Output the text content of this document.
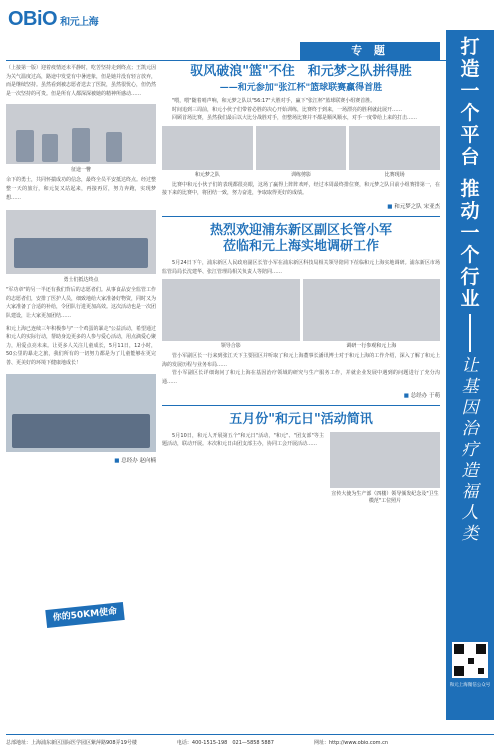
OBiO 和元上海
专 题

（上接第一版）迎着疫情还未平静时，吃苦坚持走到终点；王凯元因为关气温度过高，路途中发觉有中暑迹象，但是她并没有轻言放弃，而是继续坚持。虽然看到被志愿者送去了医院，虽然很忧心，但仍然是一次坚持的可贵。但是所有人都深深被她的精神所感动……

征途一瞥

余下的勇士，共同怀揣成功的信念，最终全员平安抵达终点。经过整整一天的旅行，和元复又站起来，再接再厉，努力奔跑，实现梦想……

勇士们抵达终点

"军功章"的另一半还有我们背后的志愿者们。从事食品安全监管工作的志愿者们，安排了医护人员，细致地给大家准备好物资，同时又为大家准备了合适的补给，令团队行进更加高效。这次活动也是一次团队建设，让大家更加团结……

和元上海已连续三年积极参与"一个鸡蛋的暴走"公益活动，希望通过和元人的实际行动，帮助身边更多的人参与爱心活动，用点滴爱心聚力，用爱点亮未来。让更多人关注儿童成长，5月11日，12小时，50公里的暴走之旅，我们所有的一切努力都是为了儿童能够在更完善、更美好的环境下健康地成长！

■ 总经办 赵向楠
你的50KM使命
驭风破浪"篮"不住　和元梦之队拼得胜
——和元参加"张江杯"篮球联赛赢得首胜

"喂，喂"随着哨声响，和元梦之队以"56:17"大胜对手，赢下"张江杯"篮球联赛小组赛首胜。

时间追到三周前，和元小伙子们带着必胜的决心开始训练，比赛终于到来，一场漂亮的胜利就此展开……

回顾首场比赛，虽然我们最后以大比分战胜对手，但整场比赛并不都是顺风顺水，对手一度带给上来的打击……

和元梦之队	训练剪影	比赛现场

比赛中和元小伙子们的表现都很亮眼，这场了赢得上阵阵欢呼，经过本周最终排位赛，和元梦之队目前小组赛排第一，在接下来的比赛中，将团结一致，努力奋进，争取取得更好的成绩。

■ 和元梦之队 宋亚杰
热烈欢迎浦东新区副区长管小军
莅临和元上海实地调研工作

5月24日下午，浦东新区人民政府副区长管小军在浦东新区科技局相关领导陪同下莅临和元上海实地调研。浦东新区市场监管局局长沈建华、张江管理局相关负责人等陪同……

领导合影	调研一行参观和元上海

管小军副区长一行来到张江天下主要园区并听取了和元上海董事长潘讯博士对于和元上海的工作介绍，深入了解了和元上海的发展历程与业务布局……

管小军副区长详细询问了和元上海在基因治疗领域的研究与生产服务工作，并就企业发展中遇到的问题进行了充分沟通……

■ 总经办 于萌
五月份"和元日"活动简讯

5月10日，和元人开展第五个"和元日"活动，"和元"、"团支部"等主题活动，联动开展。本次和元日由团支部主办，协同工会开展活动……

宣传大使为生产部（四楼）领导颁发纪念及"卫生模范"工位照片
打
造
一
个
平
台
推
动
一
个
行
业
让
基
因
治
疗
造
福
人
类
和元上海微信公众号
总部地址：上海浦东新区国际医学园区紫萍路908弄19号楼	电话：400-1515-198　021—5858 5887	网址：http://www.obio.com.cn
